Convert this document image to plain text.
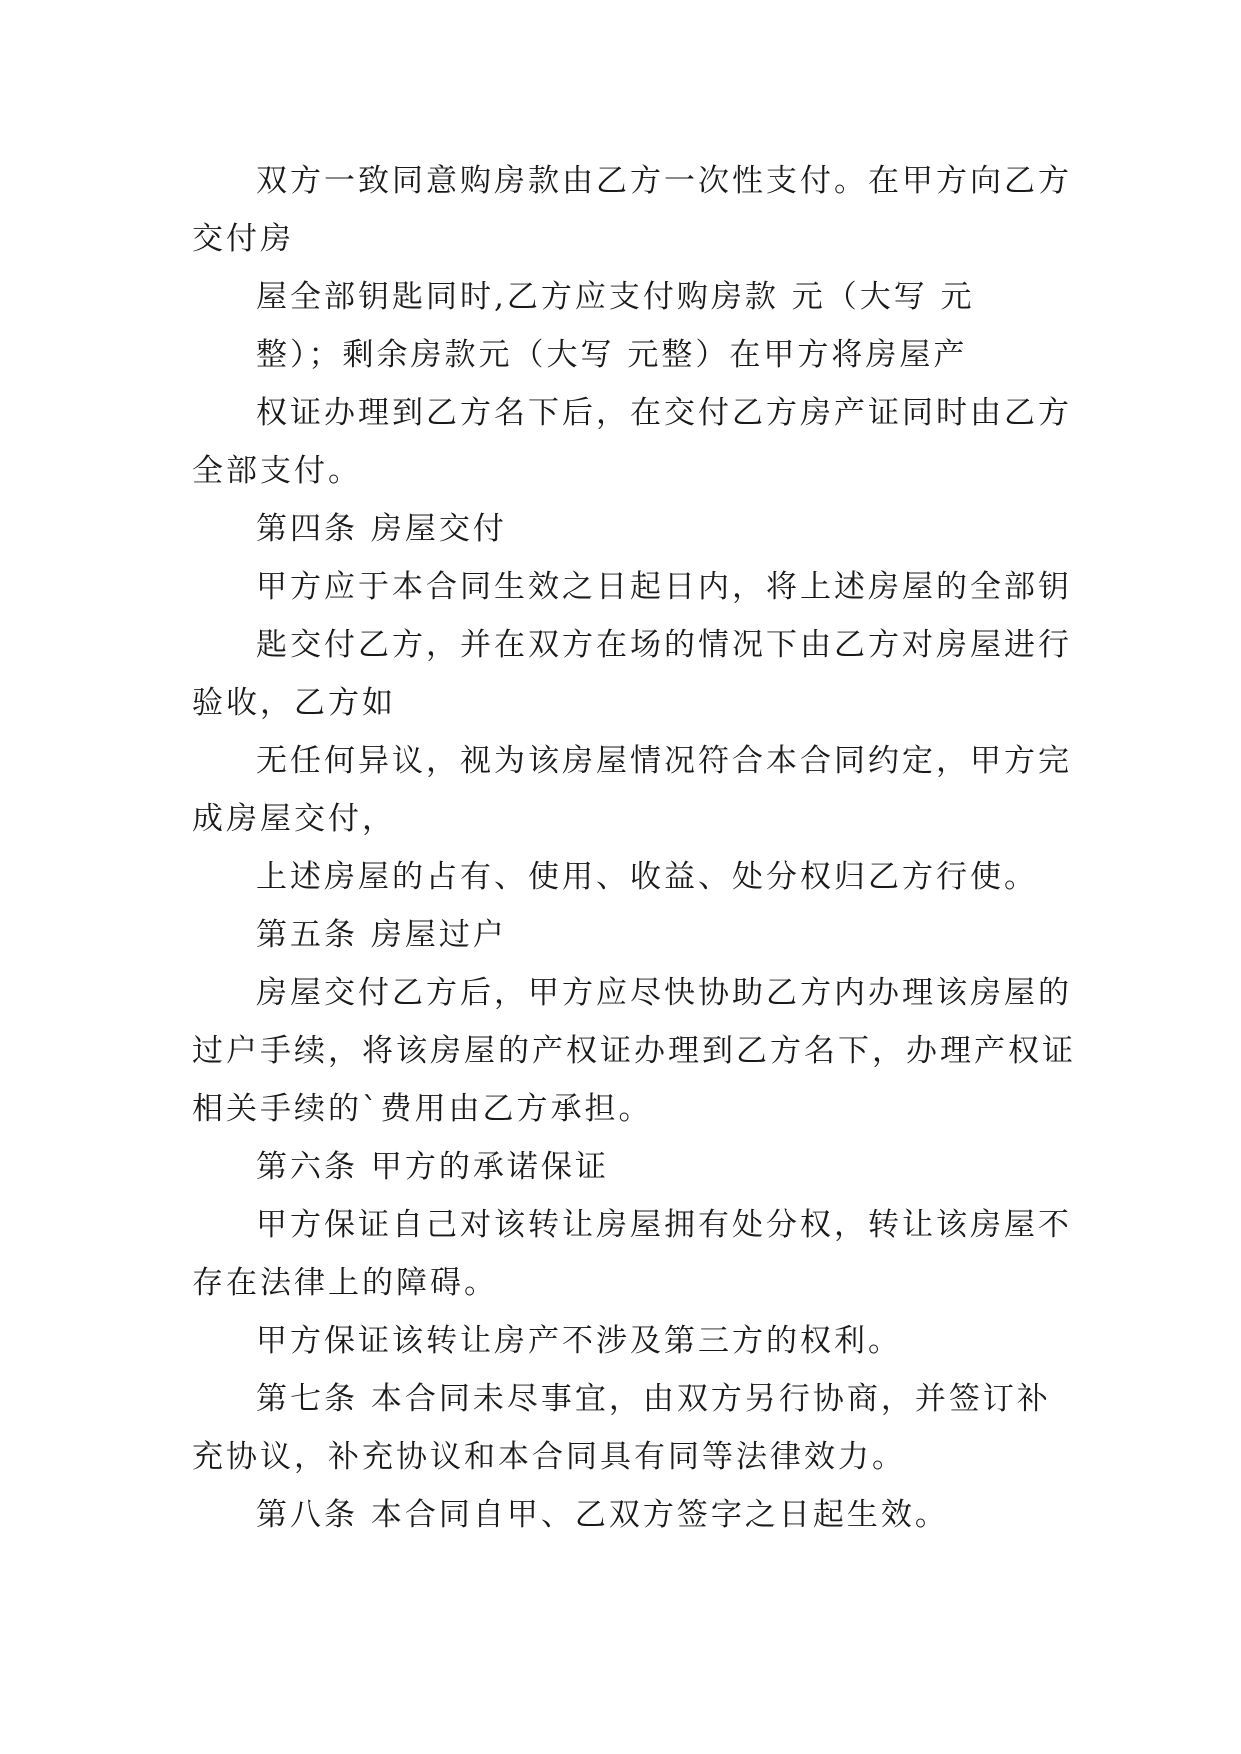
双方一致同意购房款由乙方一次性支付。在甲方向乙方
交付房
屋全部钥匙同时,乙方应支付购房款 元（大写 元
整）；剩余房款元（大写 元整）在甲方将房屋产
权证办理到乙方名下后，在交付乙方房产证同时由乙方
全部支付。
第四条 房屋交付
甲方应于本合同生效之日起日内，将上述房屋的全部钥
匙交付乙方，并在双方在场的情况下由乙方对房屋进行
验收，乙方如
无任何异议，视为该房屋情况符合本合同约定，甲方完
成房屋交付，
上述房屋的占有、使用、收益、处分权归乙方行使。
第五条 房屋过户
房屋交付乙方后，甲方应尽快协助乙方内办理该房屋的
过户手续，将该房屋的产权证办理到乙方名下，办理产权证
相关手续的`费用由乙方承担。
第六条 甲方的承诺保证
甲方保证自己对该转让房屋拥有处分权，转让该房屋不
存在法律上的障碍。
甲方保证该转让房产不涉及第三方的权利。
第七条 本合同未尽事宜，由双方另行协商，并签订补
充协议，补充协议和本合同具有同等法律效力。
第八条 本合同自甲、乙双方签字之日起生效。
